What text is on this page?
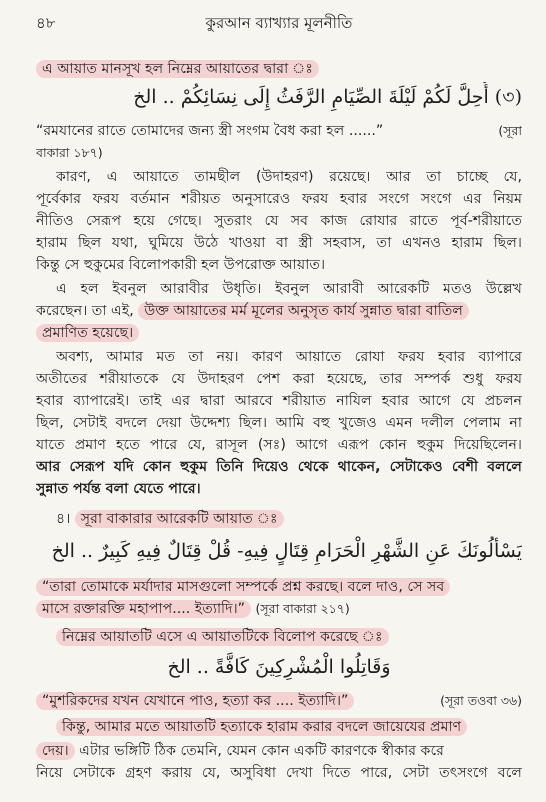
৪৮	কুরআন ব্যাখ্যার মূলনীতি
এ আয়াত মানসূখ হল নিম্নের আয়াতের দ্বারা ঃ
(৩) أُحِلَّ لَكُمْ لَيْلَةَ الصِّيَامِ الرَّفَثُ إِلَى نِسَائِكُمْ .. الخ
“রমযানের রাতে তোমাদের জন্য স্ত্রী সংগম বৈধ করা হল ......”	(সূরা
বাকারা ১৮৭)
কারণ, এ আয়াতে তামছীল (উদাহরণ) রয়েছে। আর তা চাচ্ছে যে,
পূর্বেকার ফরয বর্তমান শরীয়ত অনুসারেও ফরয হবার সংগে সংগে এর নিয়ম
নীতিও সেরূপ হয়ে গেছে। সুতরাং যে সব কাজ রোযার রাতে পূর্ব-শরীয়াতে
হারাম ছিল যথা, ঘুমিয়ে উঠে খাওয়া বা স্ত্রী সহবাস, তা এখনও হারাম ছিল।
কিন্তু সে হুকুমের বিলোপকারী হল উপরোক্ত আয়াত।
এ হল ইবনুল আরাবীর উধৃতি। ইবনুল আরাবী আরেকটি মতও উল্লেখ
করেছেন। তা এই, উক্ত আয়াতের মর্ম মূলের অনুসৃত কার্য সুন্নাত দ্বারা বাতিল
প্রমাণিত হয়েছে।
অবশ্য, আমার মত তা নয়। কারণ আয়াতে রোযা ফরয হবার ব্যাপারে
অতীতের শরীয়াতকে যে উদাহরণ পেশ করা হয়েছে, তার সম্পর্ক শুধু ফরয
হবার ব্যাপারেই। তাই এর দ্বারা আরবে শরীয়াত নাযিল হবার আগে যে প্রচলন
ছিল, সেটাই বদলে দেয়া উদ্দেশ্য ছিল। আমি বহু খুজেও এমন দলীল পেলাম না
যাতে প্রমাণ হতে পারে যে, রাসূল (সঃ) আগে এরূপ কোন হুকুম দিয়েছিলেন।
আর সেরূপ যদি কোন হুকুম তিনি দিয়েও থেকে থাকেন, সেটাকেও বেশী বললে
সুন্নাত পর্যন্ত বলা যেতে পারে।
৪। সূরা বাকারার আরেকটি আয়াত ঃ
يَسْأَلُونَكَ عَنِ الشَّهْرِ الْحَرَامِ قِتَالٍ فِيهِ- قُلْ قِتَالٌ فِيهِ كَبِيرٌ .. الخ
“তারা তোমাকে মর্যাদার মাসগুলো সম্পর্কে প্রশ্ন করছে। বলে দাও, সে সব
মাসে রক্তারক্তি মহাপাপ.... ইত্যাদি।” (সূরা বাকারা ২১৭)
নিম্নের আয়াতটি এসে এ আয়াতটিকে বিলোপ করেছে ঃ
وَقَاتِلُوا الْمُشْرِكِينَ كَافَّةً .. الخ
“মুশরিকদের যখন যেখানে পাও, হত্যা কর .... ইত্যাদি।”	(সূরা তওবা ৩৬)
কিন্তু, আমার মতে আয়াতটি হত্যাকে হারাম করার বদলে জায়েযের প্রমাণ
দেয়। এটার ভঙ্গিটি ঠিক তেমনি, যেমন কোন একটি কারণকে স্বীকার করে
নিয়ে সেটাকে গ্রহণ করায় যে, অসুবিধা দেখা দিতে পারে, সেটা তৎসংগে বলে
